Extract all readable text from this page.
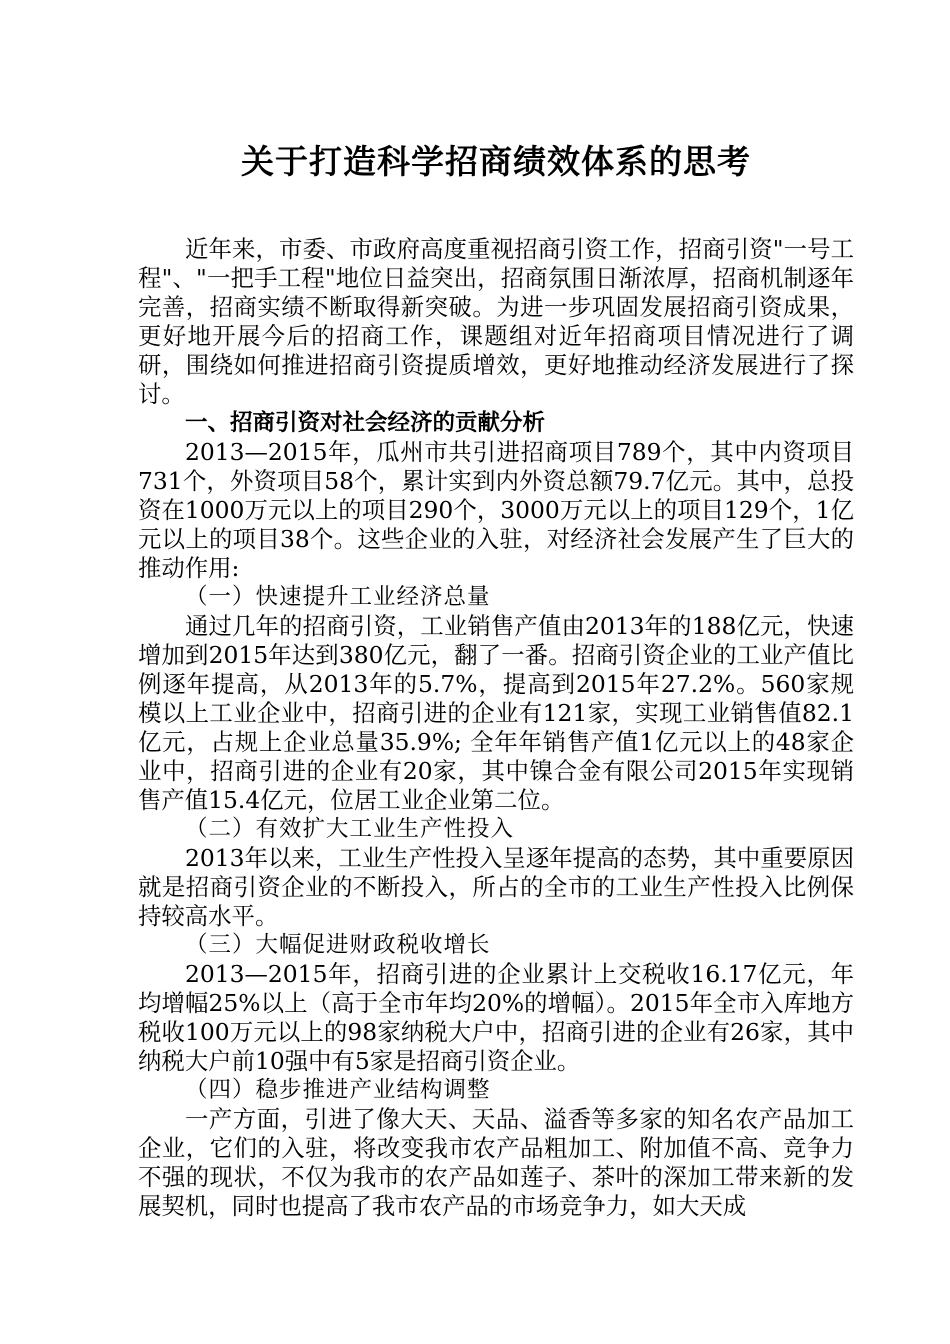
关于打造科学招商绩效体系的思考

近年来，市委、市政府高度重视招商引资工作，招商引资"一号工程"、"一把手工程"地位日益突出，招商氛围日渐浓厚，招商机制逐年完善，招商实绩不断取得新突破。为进一步巩固发展招商引资成果，更好地开展今后的招商工作，课题组对近年招商项目情况进行了调研，围绕如何推进招商引资提质增效，更好地推动经济发展进行了探讨。

一、招商引资对社会经济的贡献分析

2013—2015年，瓜州市共引进招商项目789个，其中内资项目731个，外资项目58个，累计实到内外资总额79.7亿元。其中，总投资在1000万元以上的项目290个，3000万元以上的项目129个，1亿元以上的项目38个。这些企业的入驻，对经济社会发展产生了巨大的推动作用:

（一）快速提升工业经济总量

通过几年的招商引资，工业销售产值由2013年的188亿元，快速增加到2015年达到380亿元，翻了一番。招商引资企业的工业产值比例逐年提高，从2013年的5.7%，提高到2015年27.2%。560家规模以上工业企业中，招商引进的企业有121家，实现工业销售值82.1 亿元，占规上企业总量35.9%; 全年年销售产值1亿元以上的48家企业中，招商引进的企业有20家，其中镍合金有限公司2015年实现销售产值15.4亿元，位居工业企业第二位。

（二）有效扩大工业生产性投入

2013年以来，工业生产性投入呈逐年提高的态势，其中重要原因就是招商引资企业的不断投入，所占的全市的工业生产性投入比例保持较高水平。

（三）大幅促进财政税收增长

2013—2015年，招商引进的企业累计上交税收16.17亿元，年均增幅25%以上（高于全市年均20%的增幅）。2015年全市入库地方税收100万元以上的98家纳税大户中，招商引进的企业有26家，其中纳税大户前10强中有5家是招商引资企业。

（四）稳步推进产业结构调整

一产方面，引进了像大天、天品、溢香等多家的知名农产品加工企业，它们的入驻，将改变我市农产品粗加工、附加值不高、竞争力不强的现状，不仅为我市的农产品如莲子、茶叶的深加工带来新的发展契机，同时也提高了我市农产品的市场竞争力，如大天成
